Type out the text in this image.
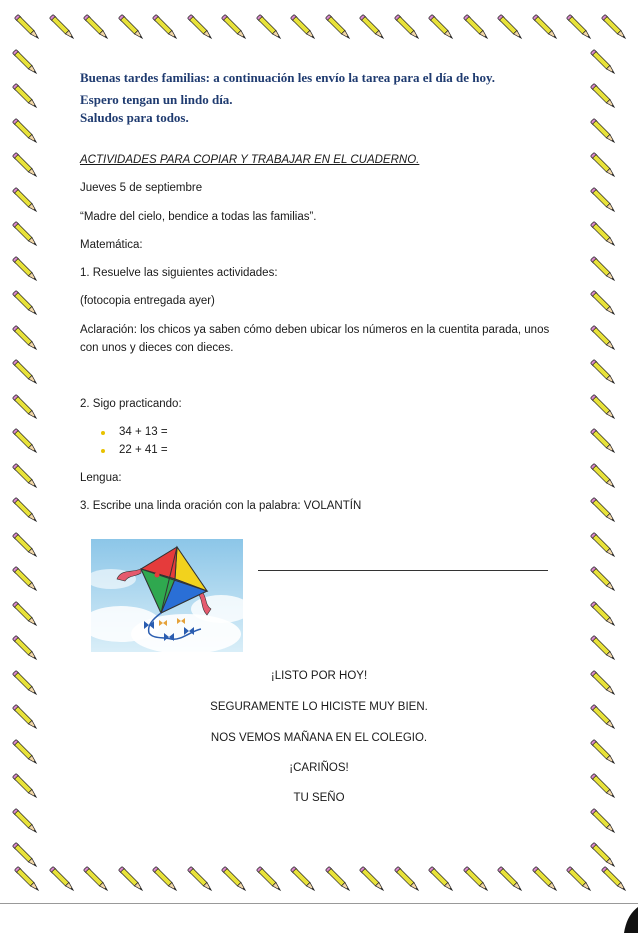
Buenas tardes familias: a continuación les envío la tarea para el día de hoy.
Espero tengan un lindo día.
Saludos para todos.
ACTIVIDADES PARA COPIAR Y TRABAJAR EN EL CUADERNO.
Jueves 5 de septiembre
“Madre del cielo, bendice a todas las familias”.
Matemática:
1. Resuelve las siguientes actividades:
(fotocopia entregada ayer)
Aclaración: los chicos ya saben cómo deben ubicar los números en la cuentita parada, unos
con unos y dieces con dieces.
2. Sigo practicando:
34 + 13 =
22 + 41 =
Lengua:
3. Escribe una linda oración con la palabra: VOLANTÍN
¡LISTO POR HOY!
SEGURAMENTE LO HICISTE MUY BIEN.
NOS VEMOS MAÑANA EN EL COLEGIO.
¡CARIÑOS!
TU SEÑO
